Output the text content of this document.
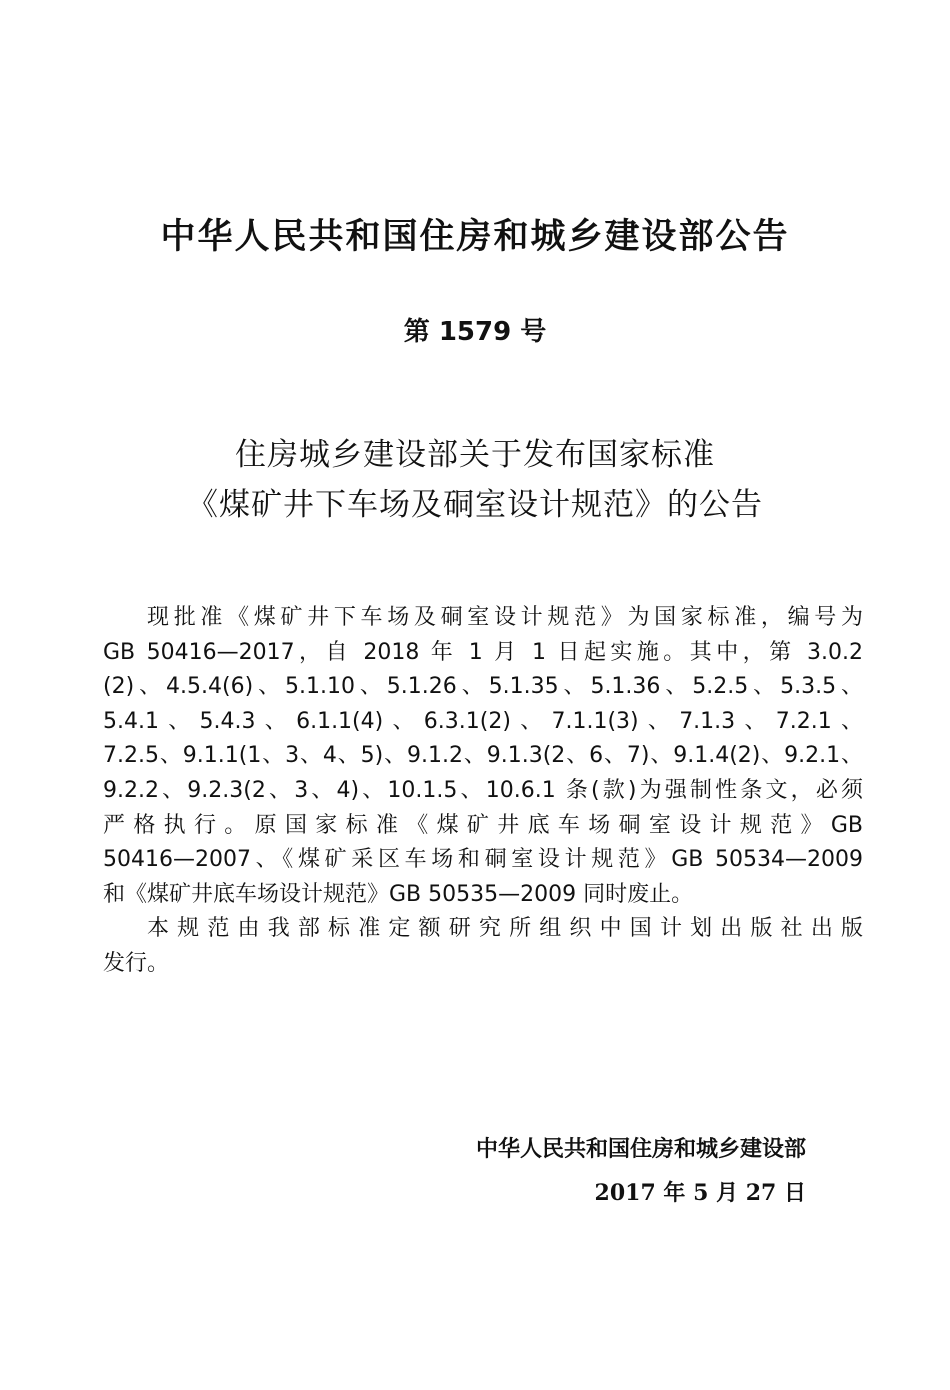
中华人民共和国住房和城乡建设部公告

第 1579 号

住房城乡建设部关于发布国家标准
《煤矿井下车场及硐室设计规范》的公告
现批准《煤矿井下车场及硐室设计规范》为国家标准，编号为
GB 50416—2017，自 2018 年 1 月 1 日起实施。其中，第 3.0.2
(2)、4.5.4(6)、5.1.10、5.1.26、5.1.35、5.1.36、5.2.5、5.3.5、
5.4.1、5.4.3、6.1.1(4)、6.3.1(2)、7.1.1(3)、7.1.3、7.2.1、
7.2.5、9.1.1(1、3、4、5)、9.1.2、9.1.3(2、6、7)、9.1.4(2)、9.2.1、
9.2.2、9.2.3(2、3、4)、10.1.5、10.6.1 条(款)为强制性条文，必须
严格执行。原国家标准《煤矿井底车场硐室设计规范》GB
50416—2007、《煤矿采区车场和硐室设计规范》GB 50534—2009
和《煤矿井底车场设计规范》GB 50535—2009 同时废止。
本规范由我部标准定额研究所组织中国计划出版社出版
发行。

中华人民共和国住房和城乡建设部

2017 年 5 月 27 日
